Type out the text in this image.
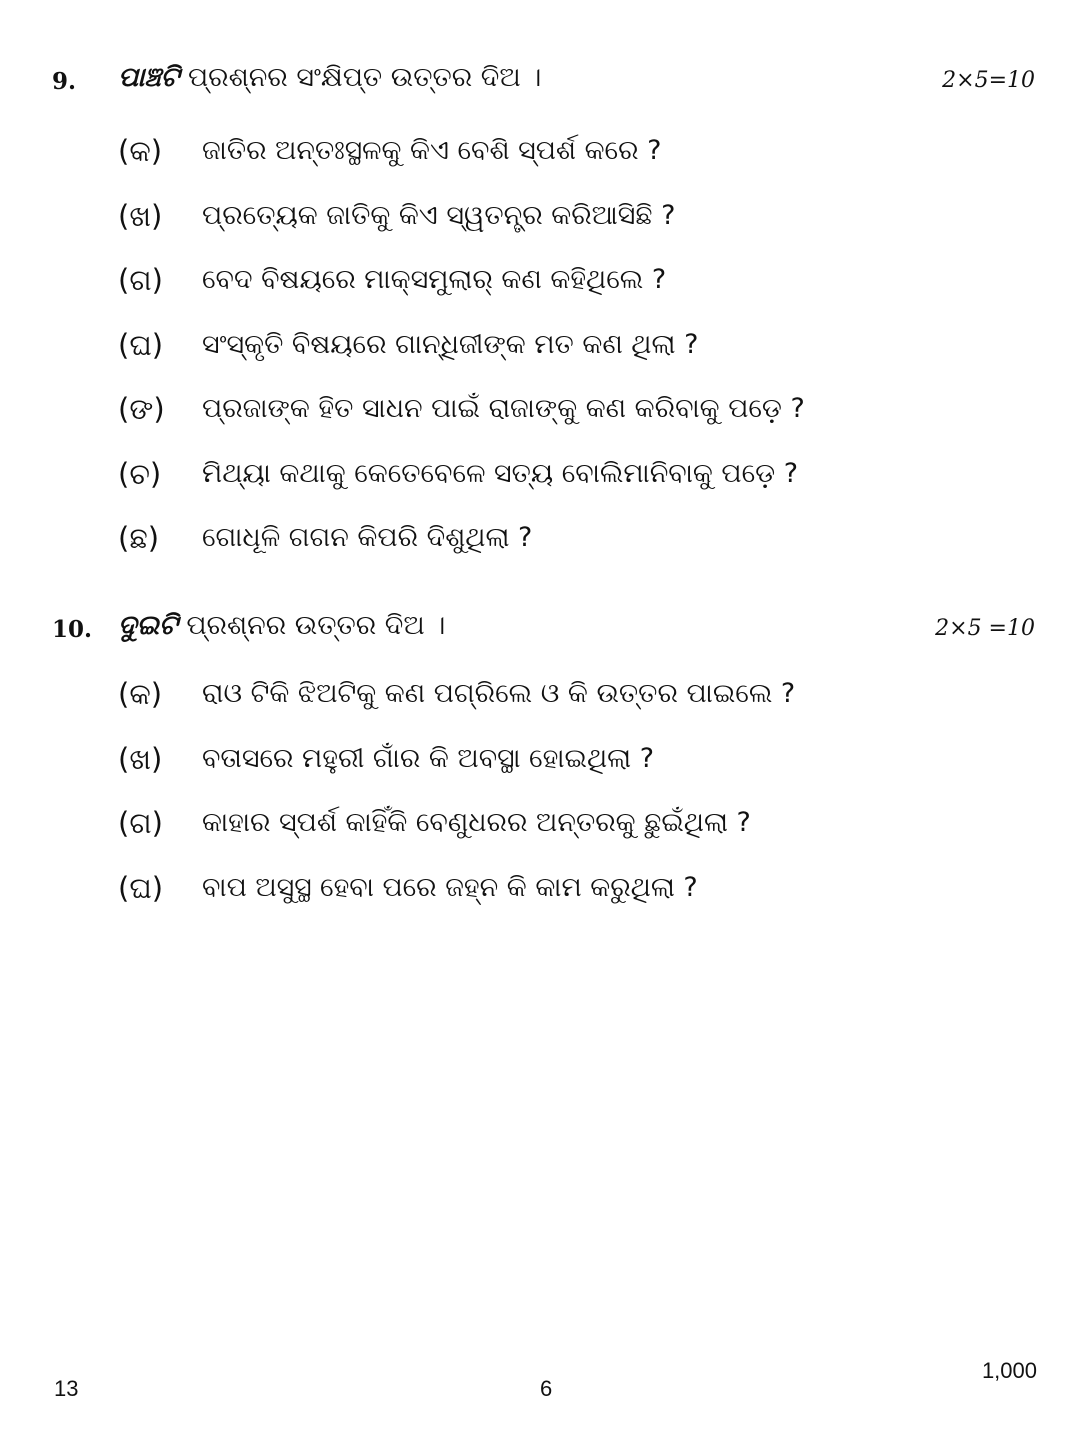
9. ପାଞ୍ଚଟି ପ୍ରଶ୍ନର ସଂକ୍ଷିପ୍ତ ଉତ୍ତର ଦିଅ ।	2×5=10
(କ) ଜାତିର ଅନ୍ତଃସ୍ଥଳକୁ କିଏ ବେଶି ସ୍ପର୍ଶ କରେ ?
(ଖ) ପ୍ରତ୍ୟେକ ଜାତିକୁ କିଏ ସ୍ୱତନ୍ତ୍ର କରିଆସିଛି ?
(ଗ) ବେଦ ବିଷୟରେ ମାକ୍ସମୁଲାର୍ କଣ କହିଥିଲେ ?
(ଘ) ସଂସ୍କୃତି ବିଷୟରେ ଗାନ୍ଧିଜୀଙ୍କ ମତ କଣ ଥିଲା ?
(ଙ) ପ୍ରଜାଙ୍କ ହିତ ସାଧନ ପାଇଁ ରାଜାଙ୍କୁ କଣ କରିବାକୁ ପଡ଼େ ?
(ଚ) ମିଥ୍ୟା କଥାକୁ କେତେବେଳେ ସତ୍ୟ ବୋଲିମାନିବାକୁ ପଡ଼େ ?
(ଛ) ଗୋଧୂଳି ଗଗନ କିପରି ଦିଶୁଥିଲା ?
10. ଦୁଇଟି ପ୍ରଶ୍ନର ଉତ୍ତର ଦିଅ ।	2×5 =10
(କ) ରାଓ ଟିକି ଝିଅଟିକୁ କଣ ପଗ୍ରିଲେ ଓ କି ଉତ୍ତର ପାଇଲେ ?
(ଖ) ବତାସରେ ମହୁରୀ ଗାଁର କି ଅବସ୍ଥା ହୋଇଥିଲା ?
(ଗ) କାହାର ସ୍ପର୍ଶ କାହିଁକି ବେଣୁଧରର ଅନ୍ତରକୁ ଛୁଇଁଥିଲା ?
(ଘ) ବାପ ଅସୁସ୍ଥ ହେବା ପରେ ଜହ୍ନ କି କାମ କରୁଥିଲା ?
13	6
1,000
